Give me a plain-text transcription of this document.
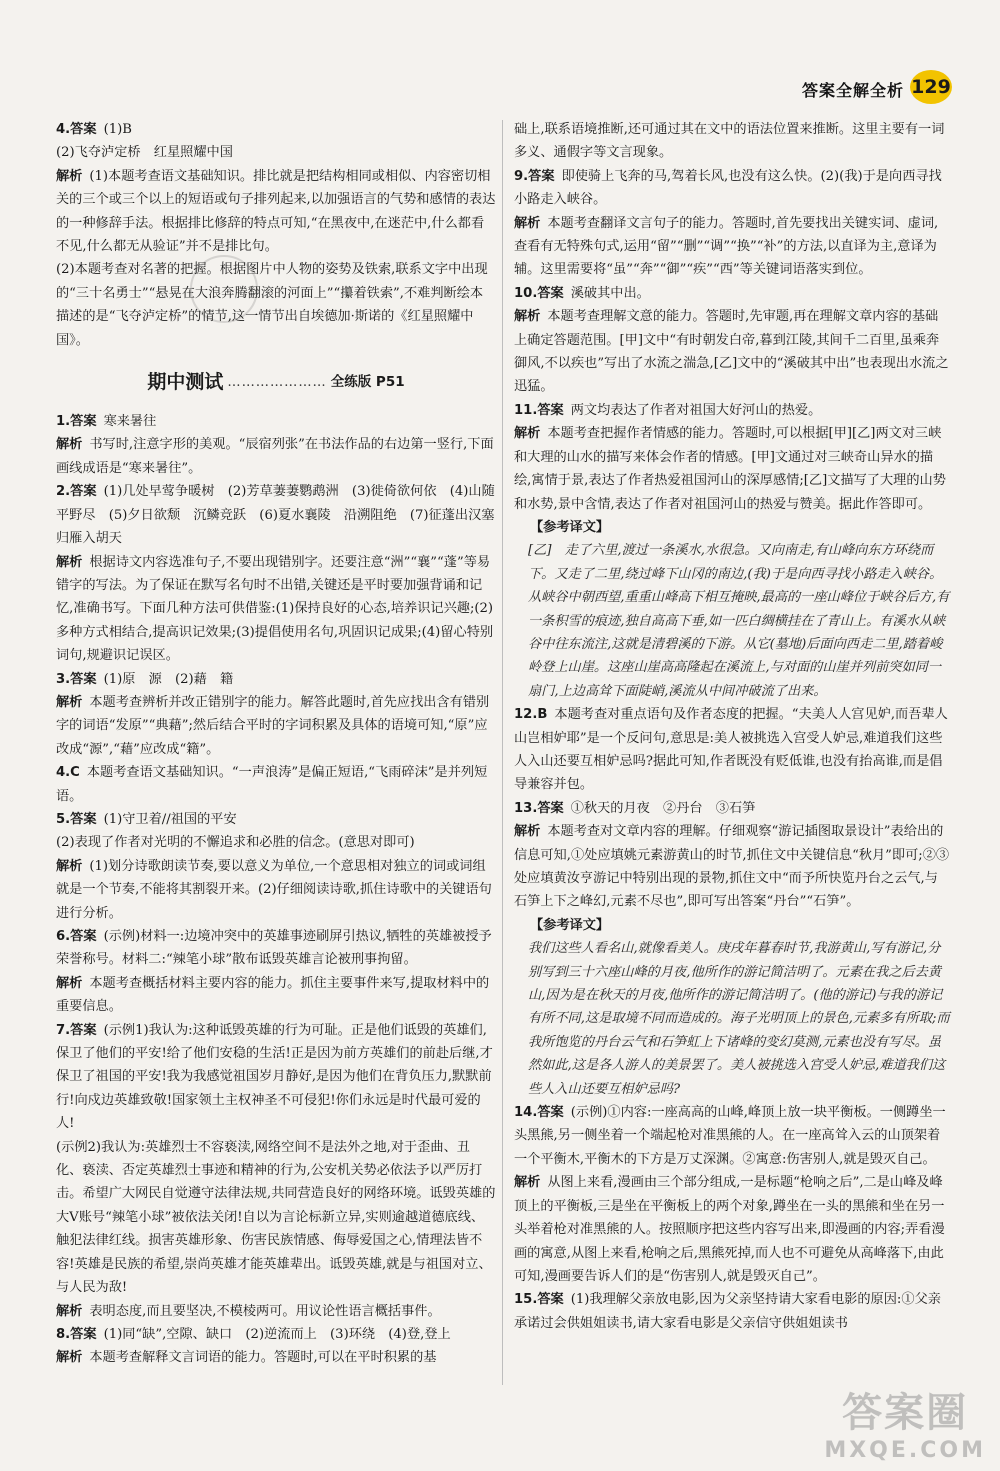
答案全解全析 129

4.答案 (1)B

(2)飞夺泸定桥　红星照耀中国

解析 (1)本题考查语文基础知识。排比就是把结构相同或相似、内容密切相关的三个或三个以上的短语或句子排列起来,以加强语言的气势和感情的表达的一种修辞手法。根据排比修辞的特点可知,“在黑夜中,在迷茫中,什么都看不见,什么都无从验证”并不是排比句。

(2)本题考查对名著的把握。根据图片中人物的姿势及铁索,联系文字中出现的“三十名勇士”“悬晃在大浪奔腾翻滚的河面上”“攥着铁索”,不难判断绘本描述的是“飞夺泸定桥”的情节,这一情节出自埃德加·斯诺的《红星照耀中国》。

期中测试 ………………… 全练版 P51

1.答案 寒来暑往

解析 书写时,注意字形的美观。“辰宿列张”在书法作品的右边第一竖行,下面画线成语是“寒来暑往”。

2.答案 (1)几处早莺争暖树　(2)芳草萋萋鹦鹉洲　(3)徙倚欲何依　(4)山随平野尽　(5)夕日欲颓　沉鳞竞跃　(6)夏水襄陵　沿溯阻绝　(7)征蓬出汉塞　归雁入胡天

解析 根据诗文内容选准句子,不要出现错别字。还要注意“洲”“襄”“蓬”等易错字的写法。为了保证在默写名句时不出错,关键还是平时要加强背诵和记忆,准确书写。下面几种方法可供借鉴:(1)保持良好的心态,培养识记兴趣;(2)多种方式相结合,提高识记效果;(3)提倡使用名句,巩固识记成果;(4)留心特别词句,规避识记误区。

3.答案 (1)原　源　(2)藉　籍

解析 本题考查辨析并改正错别字的能力。解答此题时,首先应找出含有错别字的词语“发原”“典藉”;然后结合平时的字词积累及具体的语境可知,“原”应改成“源”,“藉”应改成“籍”。

4.C 本题考查语文基础知识。“一声浪涛”是偏正短语,“飞雨碎沫”是并列短语。

5.答案 (1)守卫着//祖国的平安

(2)表现了作者对光明的不懈追求和必胜的信念。(意思对即可)

解析 (1)划分诗歌朗读节奏,要以意义为单位,一个意思相对独立的词或词组就是一个节奏,不能将其割裂开来。(2)仔细阅读诗歌,抓住诗歌中的关键语句进行分析。

6.答案 (示例)材料一:边境冲突中的英雄事迹刷屏引热议,牺牲的英雄被授予荣誉称号。材料二:“辣笔小球”散布诋毁英雄言论被刑事拘留。

解析 本题考查概括材料主要内容的能力。抓住主要事件来写,提取材料中的重要信息。

7.答案 (示例1)我认为:这种诋毁英雄的行为可耻。正是他们诋毁的英雄们,保卫了他们的平安!给了他们安稳的生活!正是因为前方英雄们的前赴后继,才保卫了祖国的平安!我为我感觉祖国岁月静好,是因为他们在背负压力,默默前行!向戍边英雄致敬!国家领土主权神圣不可侵犯!你们永远是时代最可爱的人!

(示例2)我认为:英雄烈士不容亵渎,网络空间不是法外之地,对于歪曲、丑化、亵渎、否定英雄烈士事迹和精神的行为,公安机关势必依法予以严厉打击。希望广大网民自觉遵守法律法规,共同营造良好的网络环境。诋毁英雄的大V账号“辣笔小球”被依法关闭!自以为言论标新立异,实则逾越道德底线、触犯法律红线。损害英雄形象、伤害民族情感、侮辱爱国之心,情理法皆不容!英雄是民族的希望,崇尚英雄才能英雄辈出。诋毁英雄,就是与祖国对立、与人民为敌!

解析 表明态度,而且要坚决,不模棱两可。用议论性语言概括事件。

8.答案 (1)同“缺”,空隙、缺口　(2)逆流而上　(3)环绕　(4)登,登上

解析 本题考查解释文言词语的能力。答题时,可以在平时积累的基

础上,联系语境推断,还可通过其在文中的语法位置来推断。这里主要有一词多义、通假字等文言现象。

9.答案 即使骑上飞奔的马,驾着长风,也没有这么快。(2)(我)于是向西寻找小路走入峡谷。

解析 本题考查翻译文言句子的能力。答题时,首先要找出关键实词、虚词,查看有无特殊句式,运用“留”“删”“调”“换”“补”的方法,以直译为主,意译为辅。这里需要将“虽”“奔”“御”“疾”“西”等关键词语落实到位。

10.答案 溪破其中出。

解析 本题考查理解文意的能力。答题时,先审题,再在理解文章内容的基础上确定答题范围。[甲]文中“有时朝发白帝,暮到江陵,其间千二百里,虽乘奔御风,不以疾也”写出了水流之湍急,[乙]文中的“溪破其中出”也表现出水流之迅猛。

11.答案 两文均表达了作者对祖国大好河山的热爱。

解析 本题考查把握作者情感的能力。答题时,可以根据[甲][乙]两文对三峡和大理的山水的描写来体会作者的情感。[甲]文通过对三峡奇山异水的描绘,寓情于景,表达了作者热爱祖国河山的深厚感情;[乙]文描写了大理的山势和水势,景中含情,表达了作者对祖国河山的热爱与赞美。据此作答即可。

【参考译文】

[乙]　走了六里,渡过一条溪水,水很急。又向南走,有山峰向东方环绕而下。又走了二里,绕过峰下山冈的南边,(我)于是向西寻找小路走入峡谷。从峡谷中朝西望,重重山峰高下相互掩映,最高的一座山峰位于峡谷后方,有一条积雪的痕迹,独自高高下垂,如一匹白绸横挂在了青山上。有溪水从峡谷中往东流注,这就是清碧溪的下游。从它(墓地)后面向西走二里,踏着峻岭登上山崖。这座山崖高高隆起在溪流上,与对面的山崖并列前突如同一扇门,上边高耸下面陡峭,溪流从中间冲破流了出来。

12.B 本题考查对重点语句及作者态度的把握。“夫美人人宫见妒,而吾辈人山岂相妒耶”是一个反问句,意思是:美人被挑选入宫受人妒忌,难道我们这些人入山还要互相妒忌吗?据此可知,作者既没有贬低谁,也没有抬高谁,而是倡导兼容并包。

13.答案 ①秋天的月夜　②丹台　③石笋

解析 本题考查对文章内容的理解。仔细观察“游记插图取景设计”表给出的信息可知,①处应填姚元素游黄山的时节,抓住文中关键信息“秋月”即可;②③处应填黄汝亨游记中特别出现的景物,抓住文中“而予所快览丹台之云气,与石笋上下之峰幻,元素不尽也”,即可写出答案“丹台”“石笋”。

【参考译文】

我们这些人看名山,就像看美人。庚戌年暮春时节,我游黄山,写有游记,分别写到三十六座山峰的月夜,他所作的游记简洁明了。元素在我之后去黄山,因为是在秋天的月夜,他所作的游记简洁明了。(他的游记)与我的游记有所不同,这是取境不同而造成的。海子光明顶上的景色,元素多有所取;而我所饱览的丹台云气和石笋虹上下诸峰的变幻莫测,元素也没有写尽。虽然如此,这是各人游人的美景罢了。美人被挑选入宫受人妒忌,难道我们这些人入山还要互相妒忌吗?

14.答案 (示例)①内容:一座高高的山峰,峰顶上放一块平衡板。一侧蹲坐一头黑熊,另一侧坐着一个端起枪对准黑熊的人。在一座高耸入云的山顶架着一个平衡木,平衡木的下方是万丈深渊。②寓意:伤害别人,就是毁灭自己。

解析 从图上来看,漫画由三个部分组成,一是标题“枪响之后”,二是山峰及峰顶上的平衡板,三是坐在平衡板上的两个对象,蹲坐在一头的黑熊和坐在另一头举着枪对准黑熊的人。按照顺序把这些内容写出来,即漫画的内容;弄看漫画的寓意,从图上来看,枪响之后,黑熊死掉,而人也不可避免从高峰落下,由此可知,漫画要告诉人们的是“伤害别人,就是毁灭自己”。

15.答案 (1)我理解父亲放电影,因为父亲坚持请大家看电影的原因:①父亲承诺过会供姐姐读书,请大家看电影是父亲信守供姐姐读书

答案圈
MXQE.COM
